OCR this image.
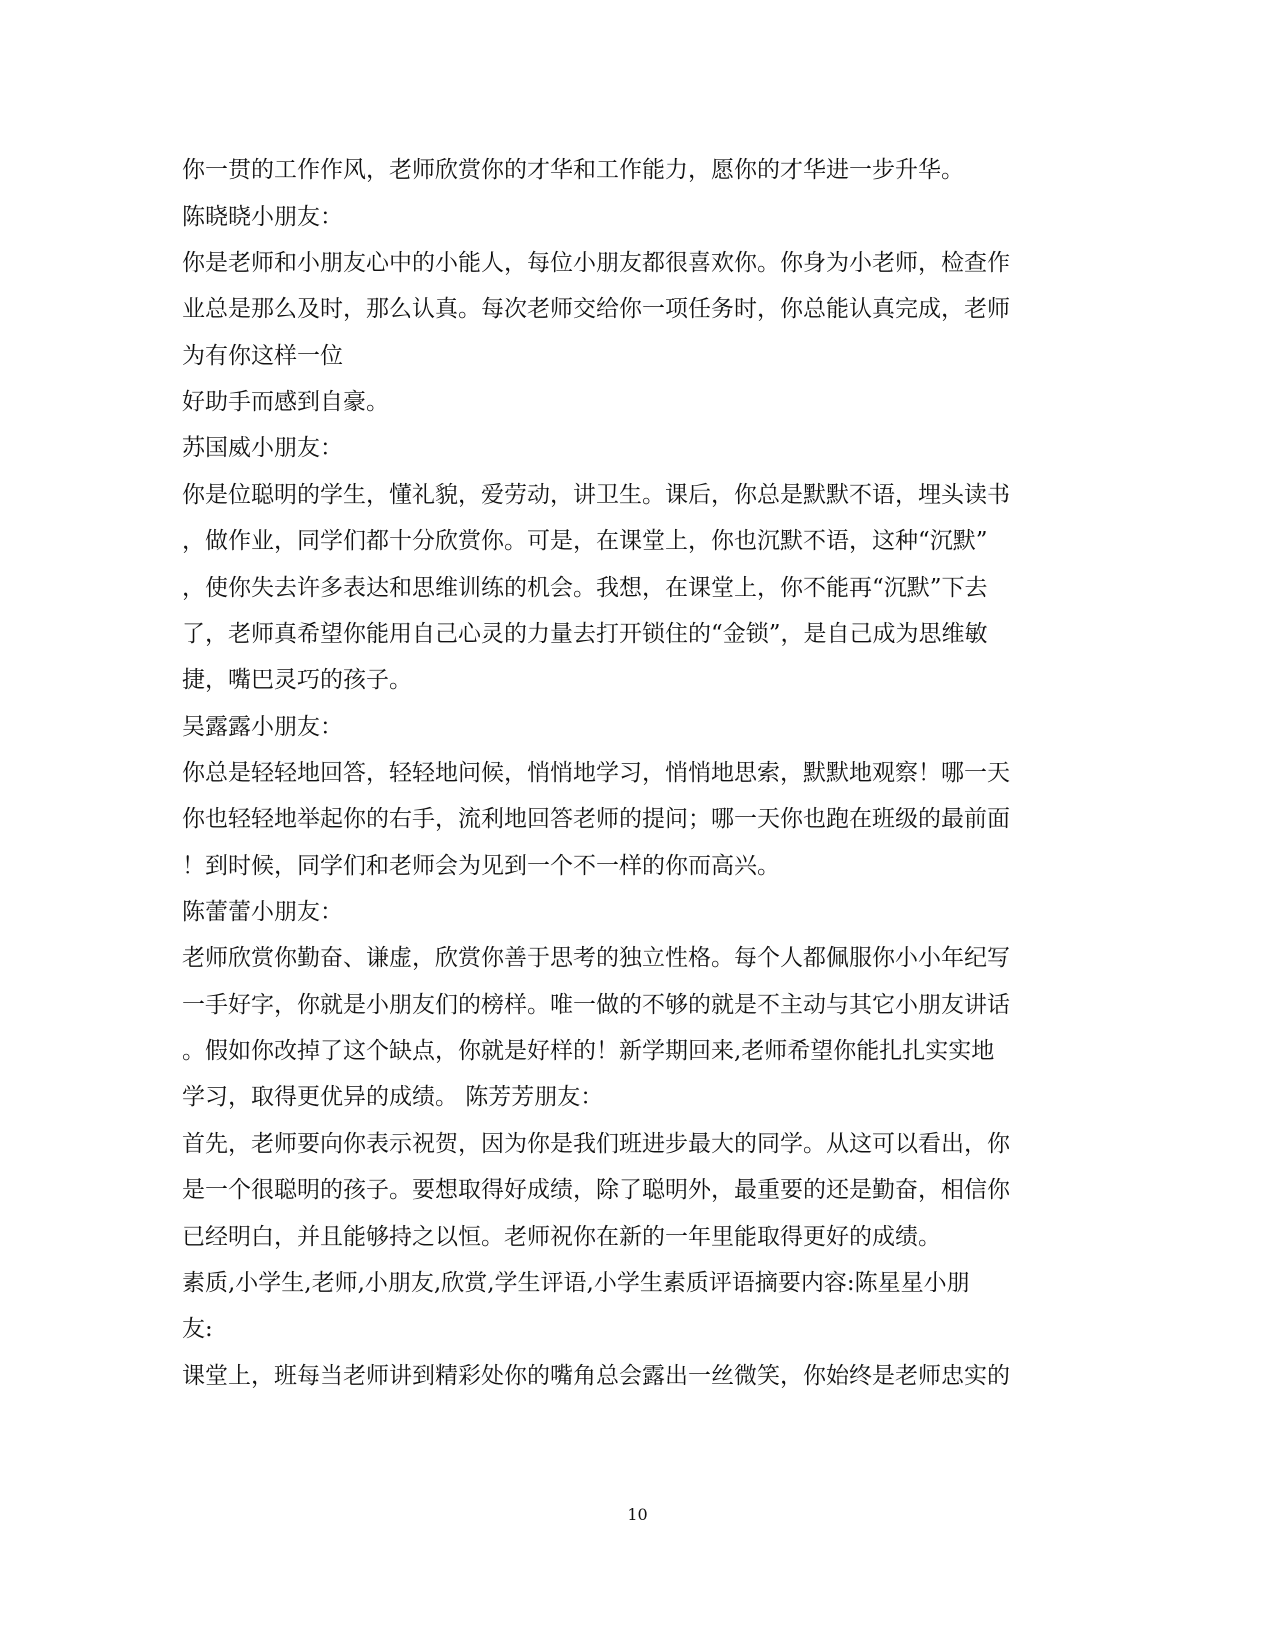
你一贯的工作作风，老师欣赏你的才华和工作能力，愿你的才华进一步升华。
陈晓晓小朋友：
你是老师和小朋友心中的小能人，每位小朋友都很喜欢你。你身为小老师，检查作
业总是那么及时，那么认真。每次老师交给你一项任务时，你总能认真完成，老师
为有你这样一位
好助手而感到自豪。
苏国威小朋友：
你是位聪明的学生，懂礼貌，爱劳动，讲卫生。课后，你总是默默不语，埋头读书
，做作业，同学们都十分欣赏你。可是，在课堂上，你也沉默不语，这种“沉默”
，使你失去许多表达和思维训练的机会。我想，在课堂上，你不能再“沉默”下去
了，老师真希望你能用自己心灵的力量去打开锁住的“金锁”，是自己成为思维敏
捷，嘴巴灵巧的孩子。
吴露露小朋友：
你总是轻轻地回答，轻轻地问候，悄悄地学习，悄悄地思索，默默地观察！哪一天
你也轻轻地举起你的右手，流利地回答老师的提问；哪一天你也跑在班级的最前面
！到时候，同学们和老师会为见到一个不一样的你而高兴。
陈蕾蕾小朋友：
老师欣赏你勤奋、谦虚，欣赏你善于思考的独立性格。每个人都佩服你小小年纪写
一手好字，你就是小朋友们的榜样。唯一做的不够的就是不主动与其它小朋友讲话
。假如你改掉了这个缺点，你就是好样的！新学期回来,老师希望你能扎扎实实地
学习，取得更优异的成绩。 陈芳芳朋友：
首先，老师要向你表示祝贺，因为你是我们班进步最大的同学。从这可以看出，你
是一个很聪明的孩子。要想取得好成绩，除了聪明外，最重要的还是勤奋，相信你
已经明白，并且能够持之以恒。老师祝你在新的一年里能取得更好的成绩。
素质,小学生,老师,小朋友,欣赏,学生评语,小学生素质评语摘要内容:陈星星小朋
友:
课堂上，班每当老师讲到精彩处你的嘴角总会露出一丝微笑，你始终是老师忠实的
10
